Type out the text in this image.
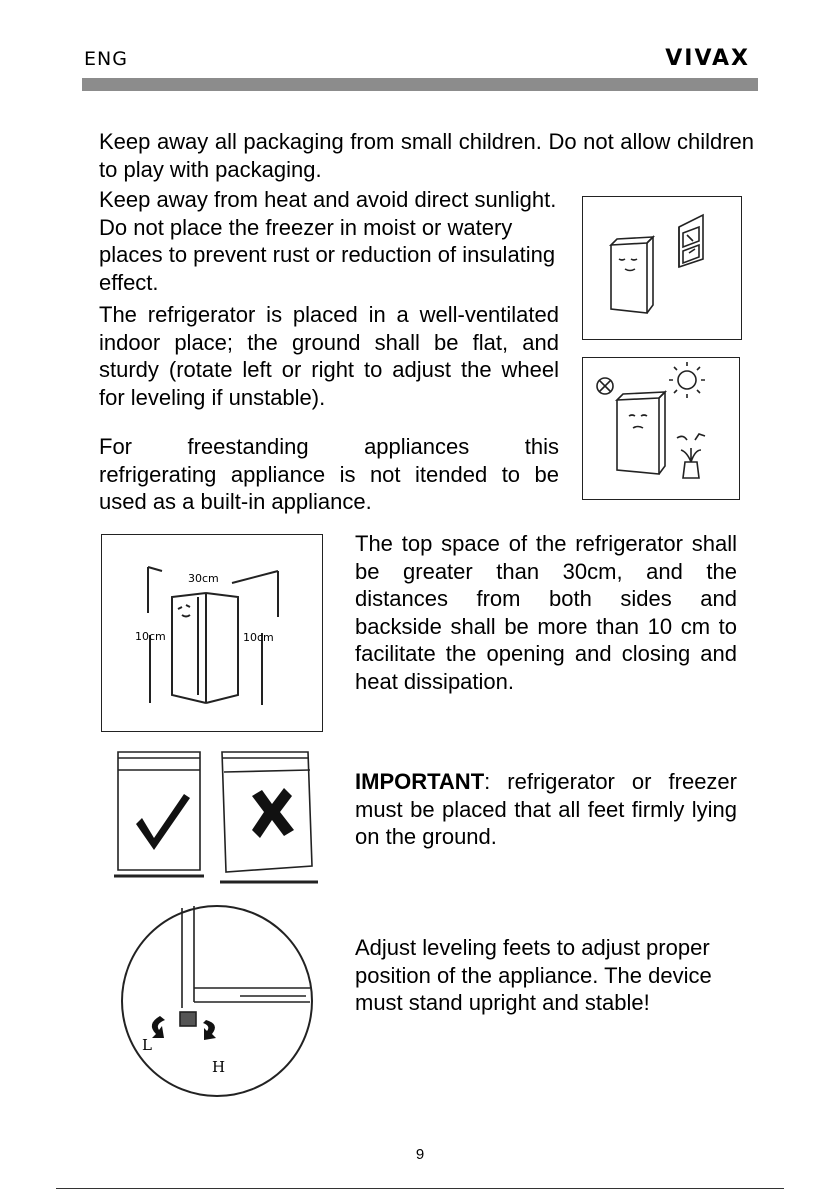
ENG	VIVAX
Keep away all packaging from small children. Do not allow children to play with packaging.
Keep away from heat and avoid direct sunlight. Do not place the freezer in moist or watery places to prevent rust or reduction of insulating effect.
The refrigerator is placed in a well-ventilated indoor place; the ground shall be flat, and sturdy (rotate left or right to adjust the wheel for leveling if unstable).
For	freestanding	appliances	this
refrigerating appliance is not itended to be used as a built-in appliance.
The top space of the refrigerator shall be greater than 30cm, and the distances from both sides and backside shall be more than 10 cm to facilitate the opening and closing and heat dissipation.
IMPORTANT: refrigerator or freezer must be placed that all feet firmly lying on the ground.
Adjust leveling feets to adjust proper position of the appliance. The device must stand upright and stable!
30cm
10cm	10cm
L
H
9
